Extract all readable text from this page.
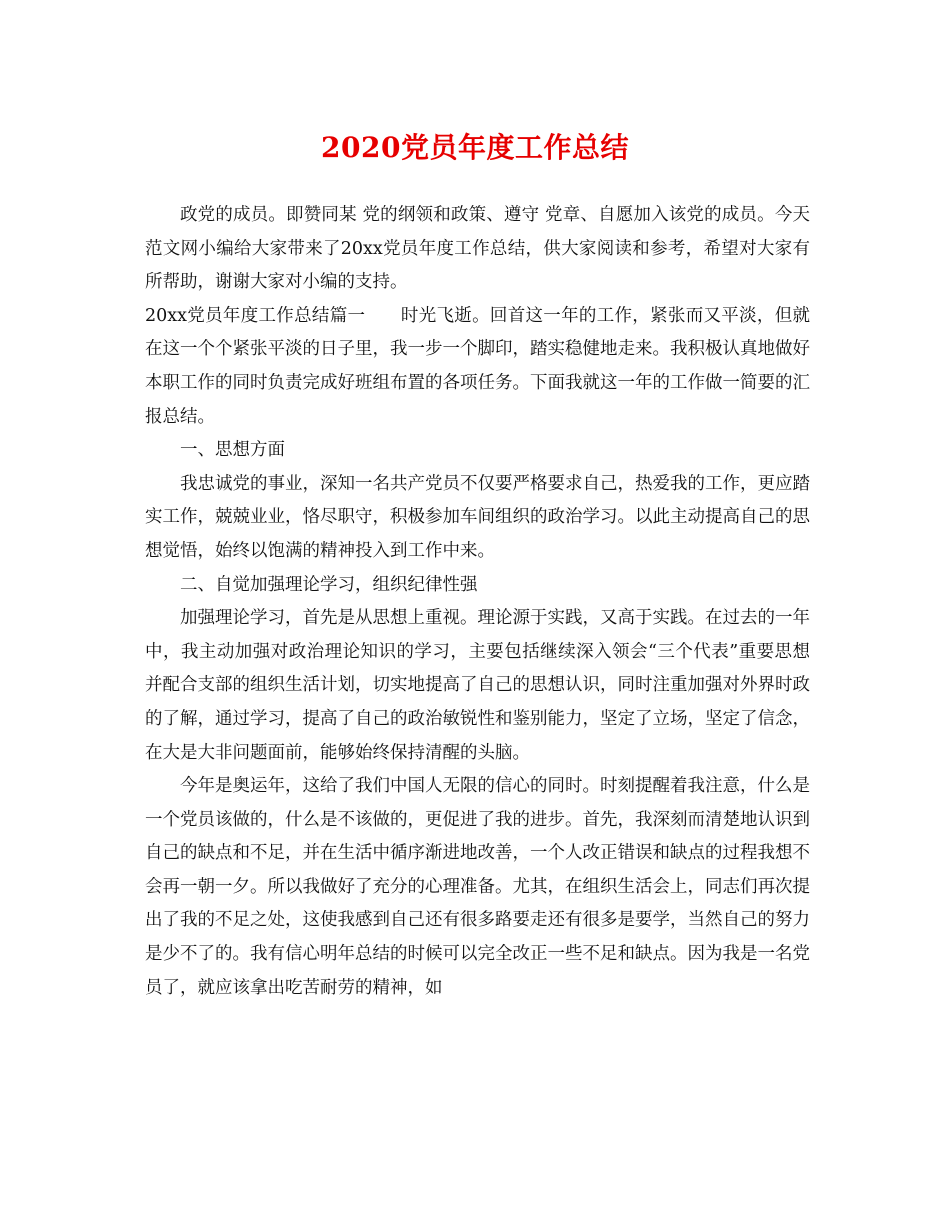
2020党员年度工作总结

政党的成员。即赞同某 党的纲领和政策、遵守 党章、自愿加入该党的成员。今天范文网小编给大家带来了20xx党员年度工作总结，供大家阅读和参考，希望对大家有所帮助，谢谢大家对小编的支持。

20xx党员年度工作总结篇一　　时光飞逝。回首这一年的工作，紧张而又平淡，但就在这一个个紧张平淡的日子里，我一步一个脚印，踏实稳健地走来。我积极认真地做好本职工作的同时负责完成好班组布置的各项任务。下面我就这一年的工作做一简要的汇报总结。

一、思想方面

我忠诚党的事业，深知一名共产党员不仅要严格要求自己，热爱我的工作，更应踏实工作，兢兢业业，恪尽职守，积极参加车间组织的政治学习。以此主动提高自己的思想觉悟，始终以饱满的精神投入到工作中来。

二、自觉加强理论学习，组织纪律性强

加强理论学习，首先是从思想上重视。理论源于实践，又高于实践。在过去的一年中，我主动加强对政治理论知识的学习，主要包括继续深入领会“三个代表”重要思想并配合支部的组织生活计划，切实地提高了自己的思想认识，同时注重加强对外界时政的了解，通过学习，提高了自己的政治敏锐性和鉴别能力，坚定了立场，坚定了信念，在大是大非问题面前，能够始终保持清醒的头脑。

今年是奥运年，这给了我们中国人无限的信心的同时。时刻提醒着我注意，什么是一个党员该做的，什么是不该做的，更促进了我的进步。首先，我深刻而清楚地认识到自己的缺点和不足，并在生活中循序渐进地改善，一个人改正错误和缺点的过程我想不会再一朝一夕。所以我做好了充分的心理准备。尤其，在组织生活会上，同志们再次提出了我的不足之处，这使我感到自己还有很多路要走还有很多是要学，当然自己的努力是少不了的。我有信心明年总结的时候可以完全改正一些不足和缺点。因为我是一名党员了，就应该拿出吃苦耐劳的精神，如
